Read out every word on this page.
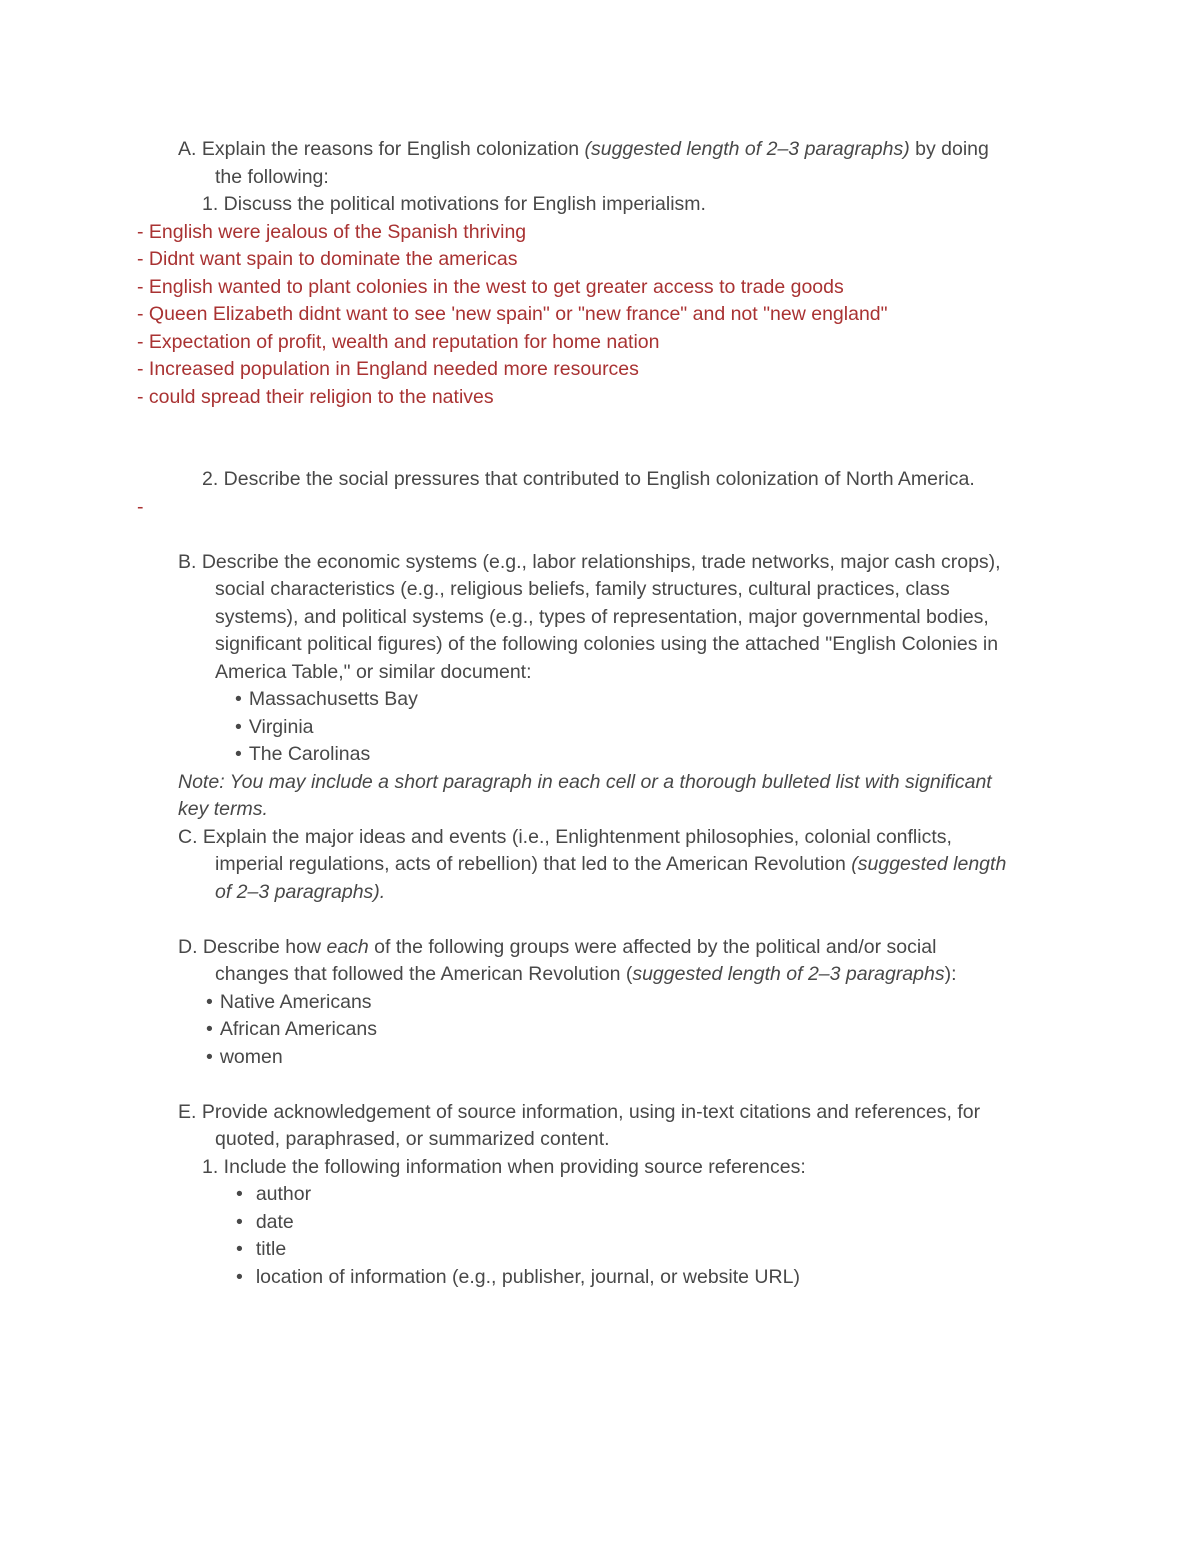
A. Explain the reasons for English colonization (suggested length of 2–3 paragraphs) by doing
the following:
1. Discuss the political motivations for English imperialism.
- English were jealous of the Spanish thriving
- Didnt want spain to dominate the americas
- English wanted to plant colonies in the west to get greater access to trade goods
- Queen Elizabeth didnt want to see 'new spain" or "new france" and not "new england"
- Expectation of profit, wealth and reputation for home nation
- Increased population in England needed more resources
- could spread their religion to the natives
2. Describe the social pressures that contributed to English colonization of North America.
-
B. Describe the economic systems (e.g., labor relationships, trade networks, major cash crops),
social characteristics (e.g., religious beliefs, family structures, cultural practices, class
systems), and political systems (e.g., types of representation, major governmental bodies,
significant political figures) of the following colonies using the attached "English Colonies in
America Table," or similar document:
• Massachusetts Bay
• Virginia
• The Carolinas
Note: You may include a short paragraph in each cell or a thorough bulleted list with significant
key terms.
C. Explain the major ideas and events (i.e., Enlightenment philosophies, colonial conflicts,
imperial regulations, acts of rebellion) that led to the American Revolution (suggested length
of 2–3 paragraphs).
D. Describe how each of the following groups were affected by the political and/or social
changes that followed the American Revolution (suggested length of 2–3 paragraphs):
• Native Americans
• African Americans
• women
E. Provide acknowledgement of source information, using in-text citations and references, for
quoted, paraphrased, or summarized content.
1. Include the following information when providing source references:
• author
• date
• title
• location of information (e.g., publisher, journal, or website URL)
